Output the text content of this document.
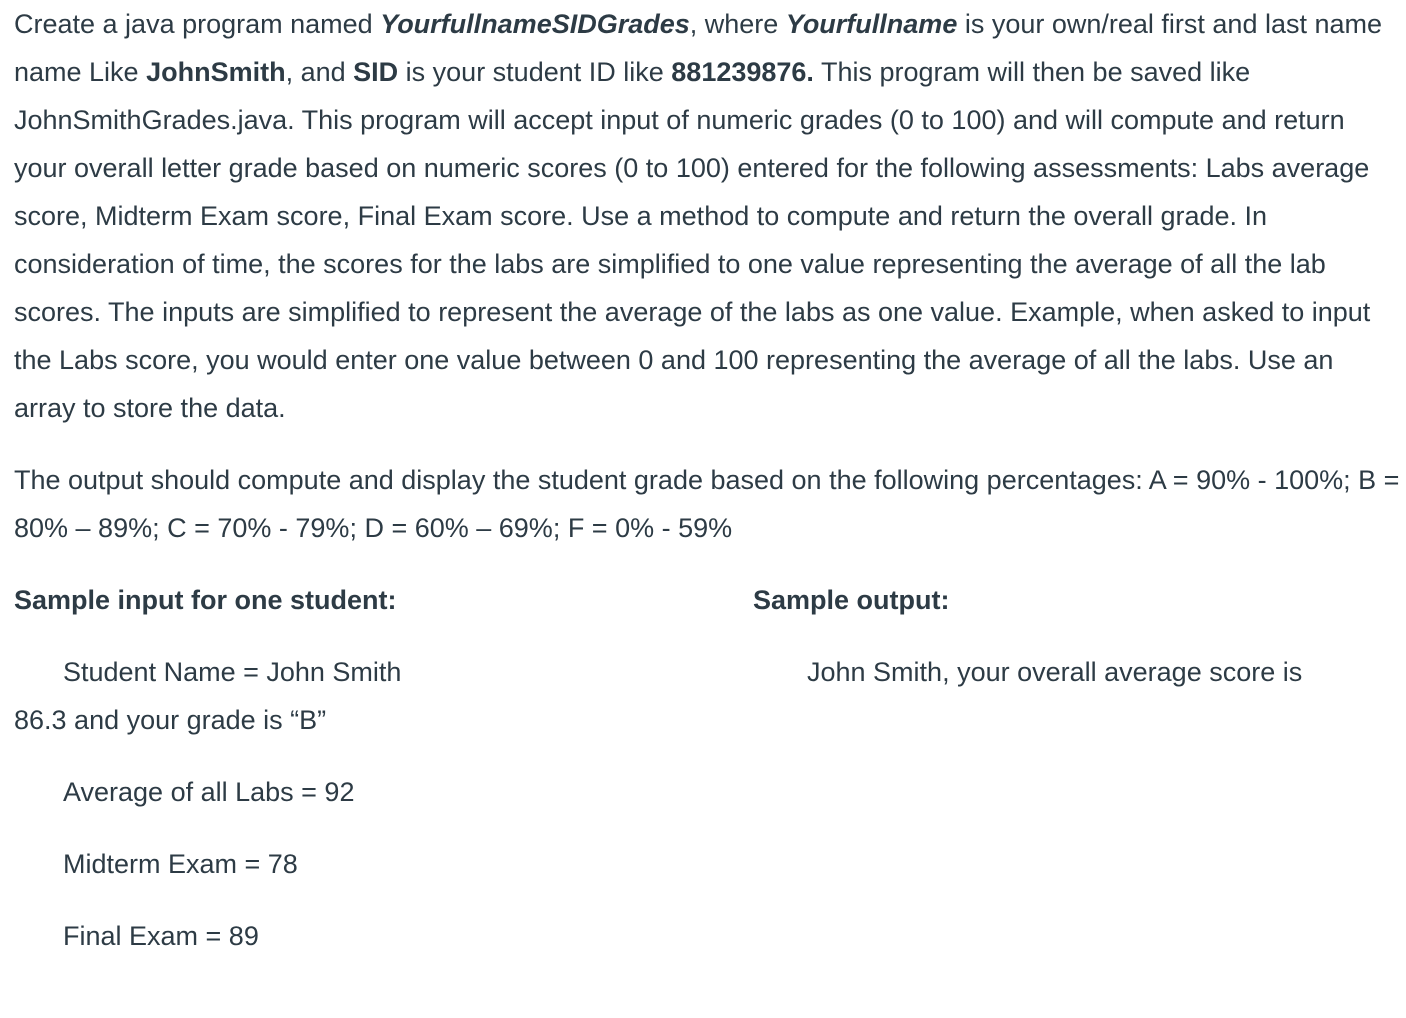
Create a java program named YourfullnameSIDGrades, where Yourfullname is your own/real first and last name name Like JohnSmith, and SID is your student ID like 881239876. This program will then be saved like JohnSmithGrades.java. This program will accept input of numeric grades (0 to 100) and will compute and return your overall letter grade based on numeric scores (0 to 100) entered for the following assessments: Labs average score, Midterm Exam score, Final Exam score. Use a method to compute and return the overall grade. In consideration of time, the scores for the labs are simplified to one value representing the average of all the lab scores. The inputs are simplified to represent the average of the labs as one value. Example, when asked to input the Labs score, you would enter one value between 0 and 100 representing the average of all the labs. Use an array to store the data.

The output should compute and display the student grade based on the following percentages: A = 90% - 100%; B = 80% – 89%; C = 70% - 79%; D = 60% – 69%; F = 0% - 59%

Sample input for one student:	Sample output:
Student Name = John Smith	John Smith, your overall average score is
86.3 and your grade is “B”
Average of all Labs = 92
Midterm Exam = 78
Final Exam = 89
